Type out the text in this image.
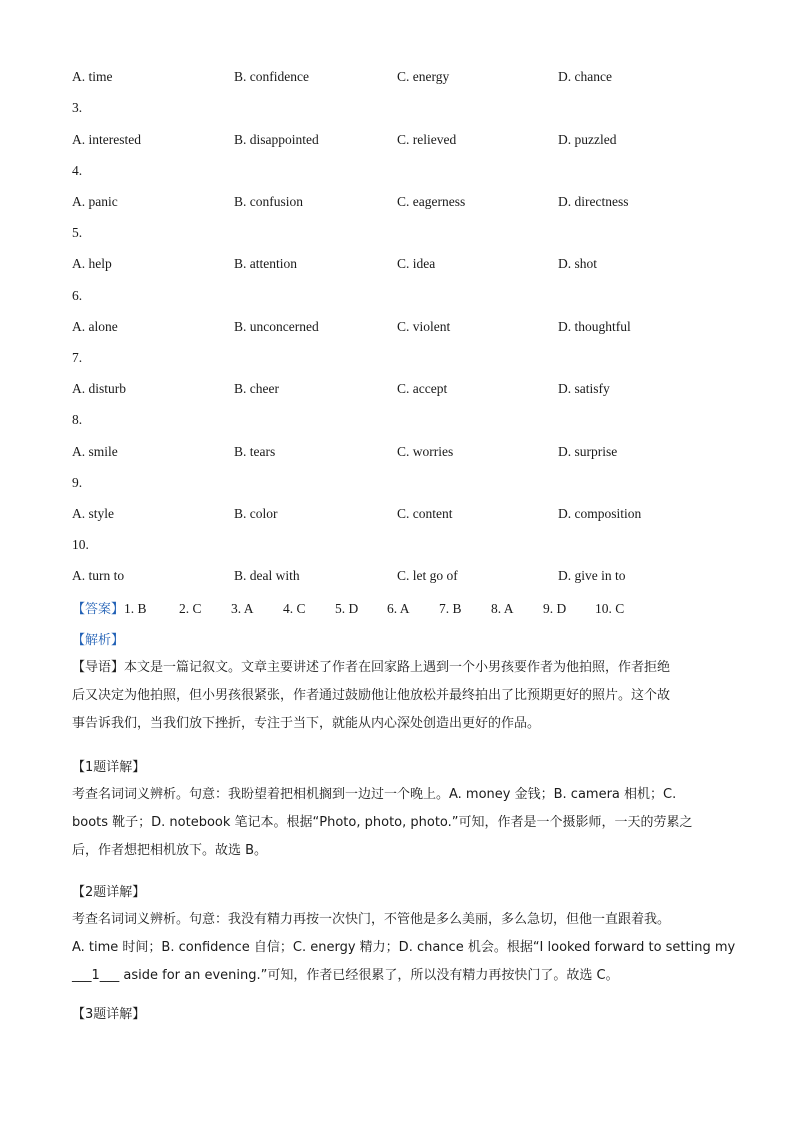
A. time	B. confidence	C. energy	D. chance
3.
A. interested	B. disappointed	C. relieved	D. puzzled
4.
A. panic	B. confusion	C. eagerness	D. directness
5.
A. help	B. attention	C. idea	D. shot
6.
A. alone	B. unconcerned	C. violent	D. thoughtful
7.
A. disturb	B. cheer	C. accept	D. satisfy
8.
A. smile	B. tears	C. worries	D. surprise
9.
A. style	B. color	C. content	D. composition
10.
A. turn to	B. deal with	C. let go of	D. give in to
【答案】1. B 2. C 3. A 4. C 5. D 6. A 7. B 8. A 9. D 10. C
【解析】
【导语】本文是一篇记叙文。文章主要讲述了作者在回家路上遇到一个小男孩要作者为他拍照，作者拒绝
后又决定为他拍照，但小男孩很紧张，作者通过鼓励他让他放松并最终拍出了比预期更好的照片。这个故
事告诉我们，当我们放下挫折，专注于当下，就能从内心深处创造出更好的作品。
【1题详解】
考查名词词义辨析。句意：我盼望着把相机搁到一边过一个晚上。A. money 金钱；B. camera 相机；C.
boots 靴子；D. notebook 笔记本。根据“Photo, photo, photo.”可知，作者是一个摄影师，一天的劳累之
后，作者想把相机放下。故选 B。
【2题详解】
考查名词词义辨析。句意：我没有精力再按一次快门，不管他是多么美丽，多么急切，但他一直跟着我。
A. time 时间；B. confidence 自信；C. energy 精力；D. chance 机会。根据“I looked forward to setting my
___1___ aside for an evening.”可知，作者已经很累了，所以没有精力再按快门了。故选 C。
【3题详解】
